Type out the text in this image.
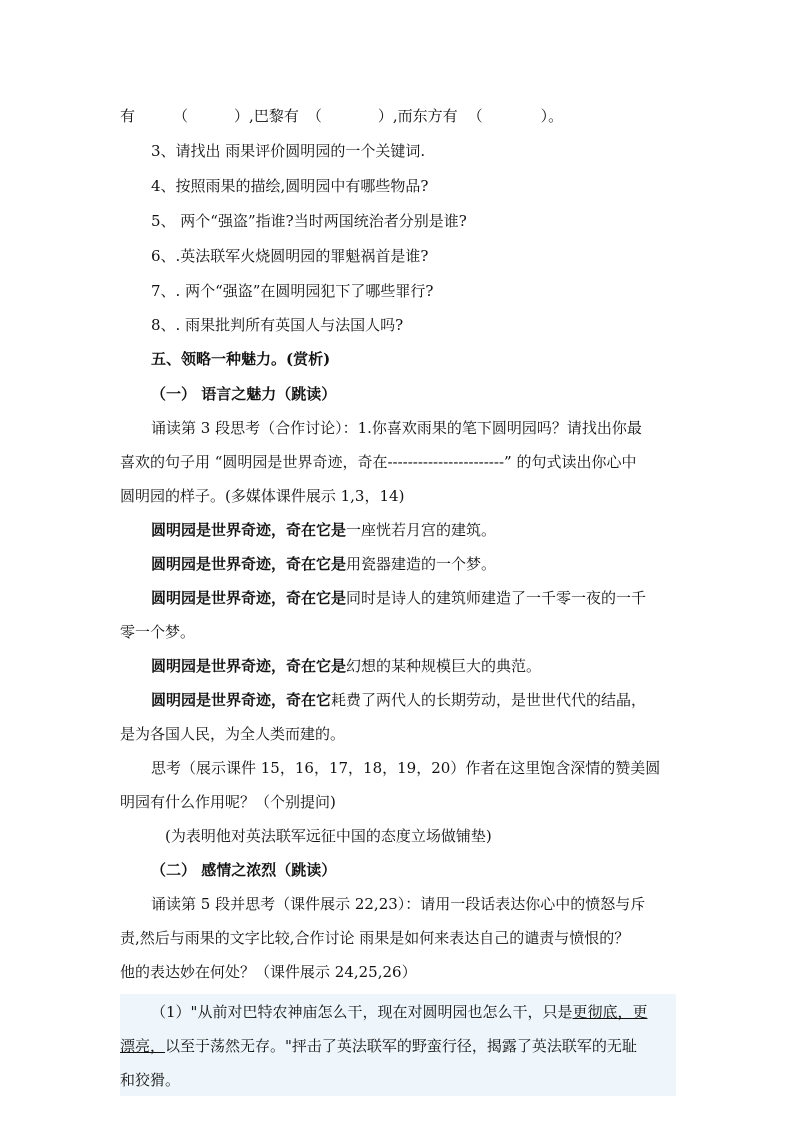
有	（	）,巴黎有 （	）,而东方有 （	）。
3、请找出 雨果评价圆明园的一个关键词.
4、按照雨果的描绘,圆明园中有哪些物品?
5、 两个“强盗”指谁?当时两国统治者分别是谁?
6、.英法联军火烧圆明园的罪魁祸首是谁?
7、. 两个“强盗”在圆明园犯下了哪些罪行?
8、. 雨果批判所有英国人与法国人吗?
五、领略一种魅力。(赏析)
（一） 语言之魅力（跳读）
诵读第 3 段思考（合作讨论）：1.你喜欢雨果的笔下圆明园吗？请找出你最
喜欢的句子用 “圆明园是世界奇迹，奇在-----------------------” 的句式读出你心中
圆明园的样子。(多媒体课件展示 1,3，14)
圆明园是世界奇迹，奇在它是一座恍若月宫的建筑。
圆明园是世界奇迹，奇在它是用瓷器建造的一个梦。
圆明园是世界奇迹，奇在它是同时是诗人的建筑师建造了一千零一夜的一千
零一个梦。
圆明园是世界奇迹，奇在它是幻想的某种规模巨大的典范。
圆明园是世界奇迹，奇在它耗费了两代人的长期劳动，是世世代代的结晶，
是为各国人民，为全人类而建的。
思考（展示课件 15，16，17，18，19，20）作者在这里饱含深情的赞美圆
明园有什么作用呢？（个别提问)
(为表明他对英法联军远征中国的态度立场做铺垫)
（二） 感情之浓烈（跳读）
诵读第 5 段并思考（课件展示 22,23）：请用一段话表达你心中的愤怒与斥
责,然后与雨果的文字比较,合作讨论 雨果是如何来表达自己的谴责与愤恨的？
他的表达妙在何处？（课件展示 24,25,26）
（1）"从前对巴特农神庙怎么干，现在对圆明园也怎么干，只是更彻底，更
漂亮，以至于荡然无存。"抨击了英法联军的野蛮行径，揭露了英法联军的无耻
和狡猾。
